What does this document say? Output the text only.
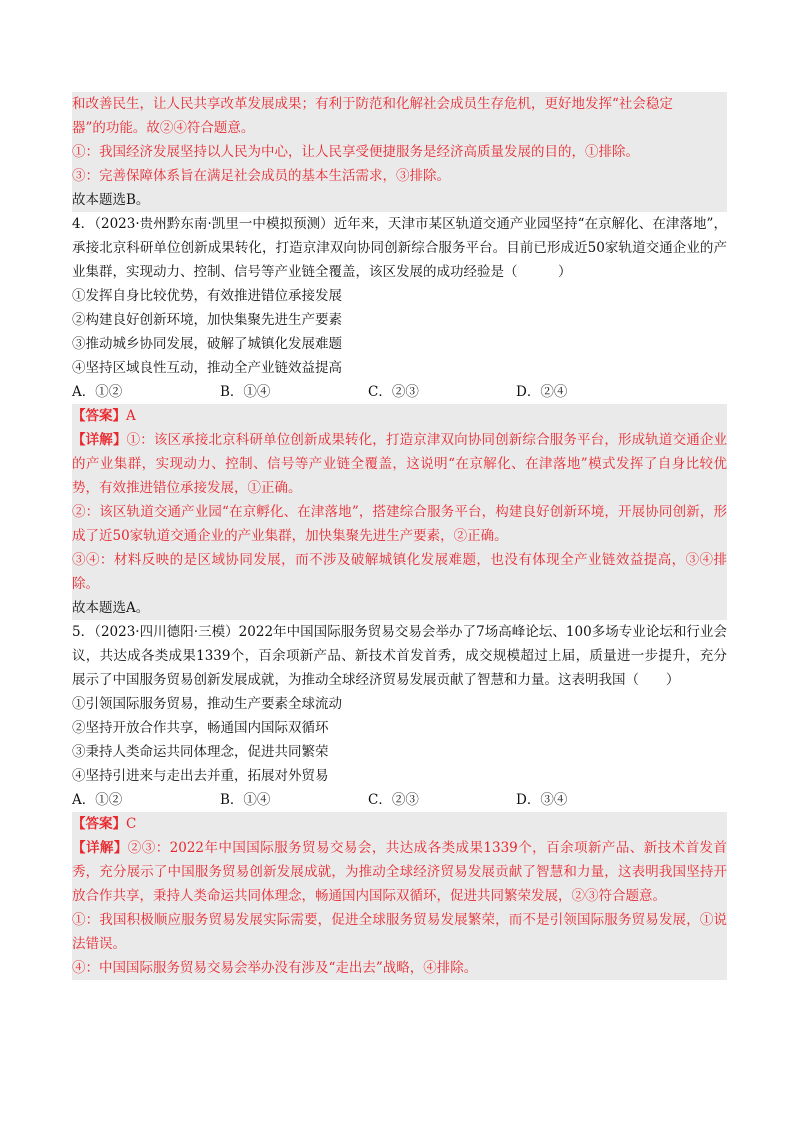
和改善民生，让人民共享改革发展成果；有利于防范和化解社会成员生存危机，更好地发挥“社会稳定
器”的功能。故②④符合题意。
①：我国经济发展坚持以人民为中心，让人民享受便捷服务是经济高质量发展的目的，①排除。
③：完善保障体系旨在满足社会成员的基本生活需求，③排除。
故本题选B。
4．（2023·贵州黔东南·凯里一中模拟预测）近年来，天津市某区轨道交通产业园坚持“在京解化、在津落地”，承接北京科研单位创新成果转化，打造京津双向协同创新综合服务平台。目前已形成近50家轨道交通企业的产业集群，实现动力、控制、信号等产业链全覆盖，该区发展的成功经验是（　　　）
①发挥自身比较优势，有效推进错位承接发展
②构建良好创新环境，加快集聚先进生产要素
③推动城乡协同发展，破解了城镇化发展难题
④坚持区域良性互动，推动全产业链效益提高
A．①②	B．①④	C．②③	D．②④
【答案】A
【详解】①：该区承接北京科研单位创新成果转化，打造京津双向协同创新综合服务平台，形成轨道交通企业的产业集群，实现动力、控制、信号等产业链全覆盖，这说明“在京解化、在津落地”模式发挥了自身比较优势，有效推进错位承接发展，①正确。
②：该区轨道交通产业园“在京孵化、在津落地”，搭建综合服务平台，构建良好创新环境，开展协同创新，形成了近50家轨道交通企业的产业集群，加快集聚先进生产要素，②正确。
③④：材料反映的是区域协同发展，而不涉及破解城镇化发展难题，也没有体现全产业链效益提高，③④排除。
故本题选A。
5．（2023·四川德阳·三模）2022年中国国际服务贸易交易会举办了7场高峰论坛、100多场专业论坛和行业会议，共达成各类成果1339个，百余项新产品、新技术首发首秀，成交规模超过上届，质量进一步提升，充分展示了中国服务贸易创新发展成就，为推动全球经济贸易发展贡献了智慧和力量。这表明我国（　　）
①引领国际服务贸易，推动生产要素全球流动
②坚持开放合作共享，畅通国内国际双循环
③秉持人类命运共同体理念，促进共同繁荣
④坚持引进来与走出去并重，拓展对外贸易
A．①②	B．①④	C．②③	D．③④
【答案】C
【详解】②③：2022年中国国际服务贸易交易会，共达成各类成果1339个，百余项新产品、新技术首发首秀，充分展示了中国服务贸易创新发展成就，为推动全球经济贸易发展贡献了智慧和力量，这表明我国坚持开放合作共享，秉持人类命运共同体理念，畅通国内国际双循环，促进共同繁荣发展，②③符合题意。
①：我国积极顺应服务贸易发展实际需要，促进全球服务贸易发展繁荣，而不是引领国际服务贸易发展，①说法错误。
④：中国国际服务贸易交易会举办没有涉及“走出去”战略，④排除。
